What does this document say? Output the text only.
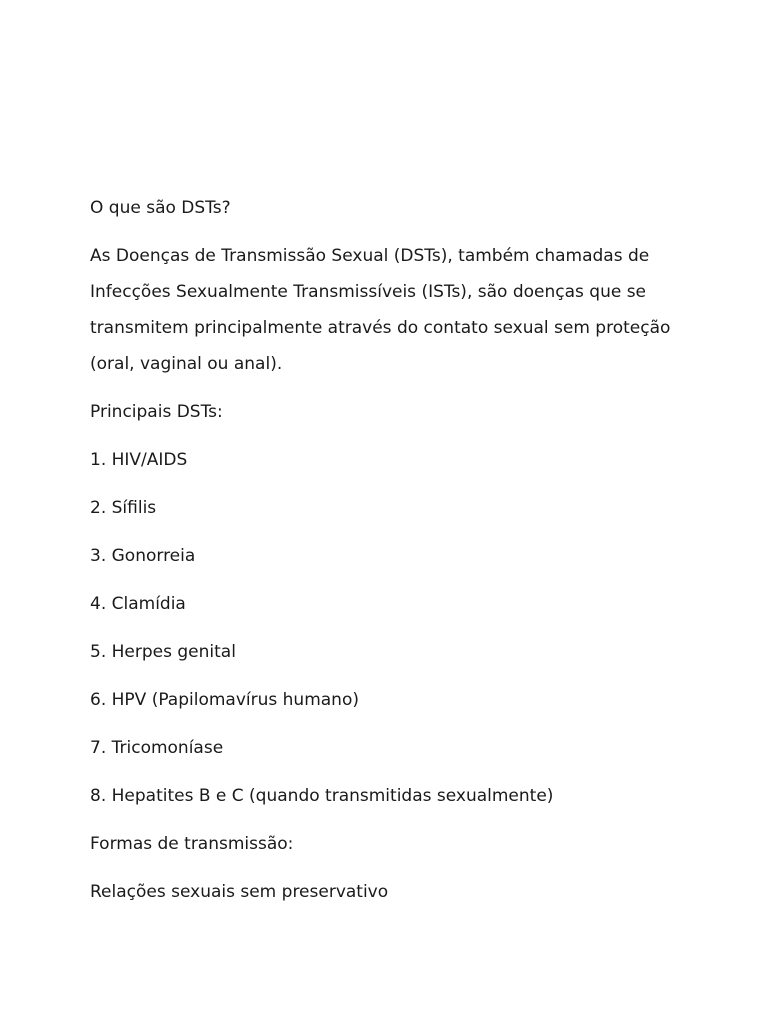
O que são DSTs?

As Doenças de Transmissão Sexual (DSTs), também chamadas de Infecções Sexualmente Transmissíveis (ISTs), são doenças que se transmitem principalmente através do contato sexual sem proteção (oral, vaginal ou anal).

Principais DSTs:

1. HIV/AIDS

2. Sífilis

3. Gonorreia

4. Clamídia

5. Herpes genital

6. HPV (Papilomavírus humano)

7. Tricomoníase

8. Hepatites B e C (quando transmitidas sexualmente)

Formas de transmissão:

Relações sexuais sem preservativo
